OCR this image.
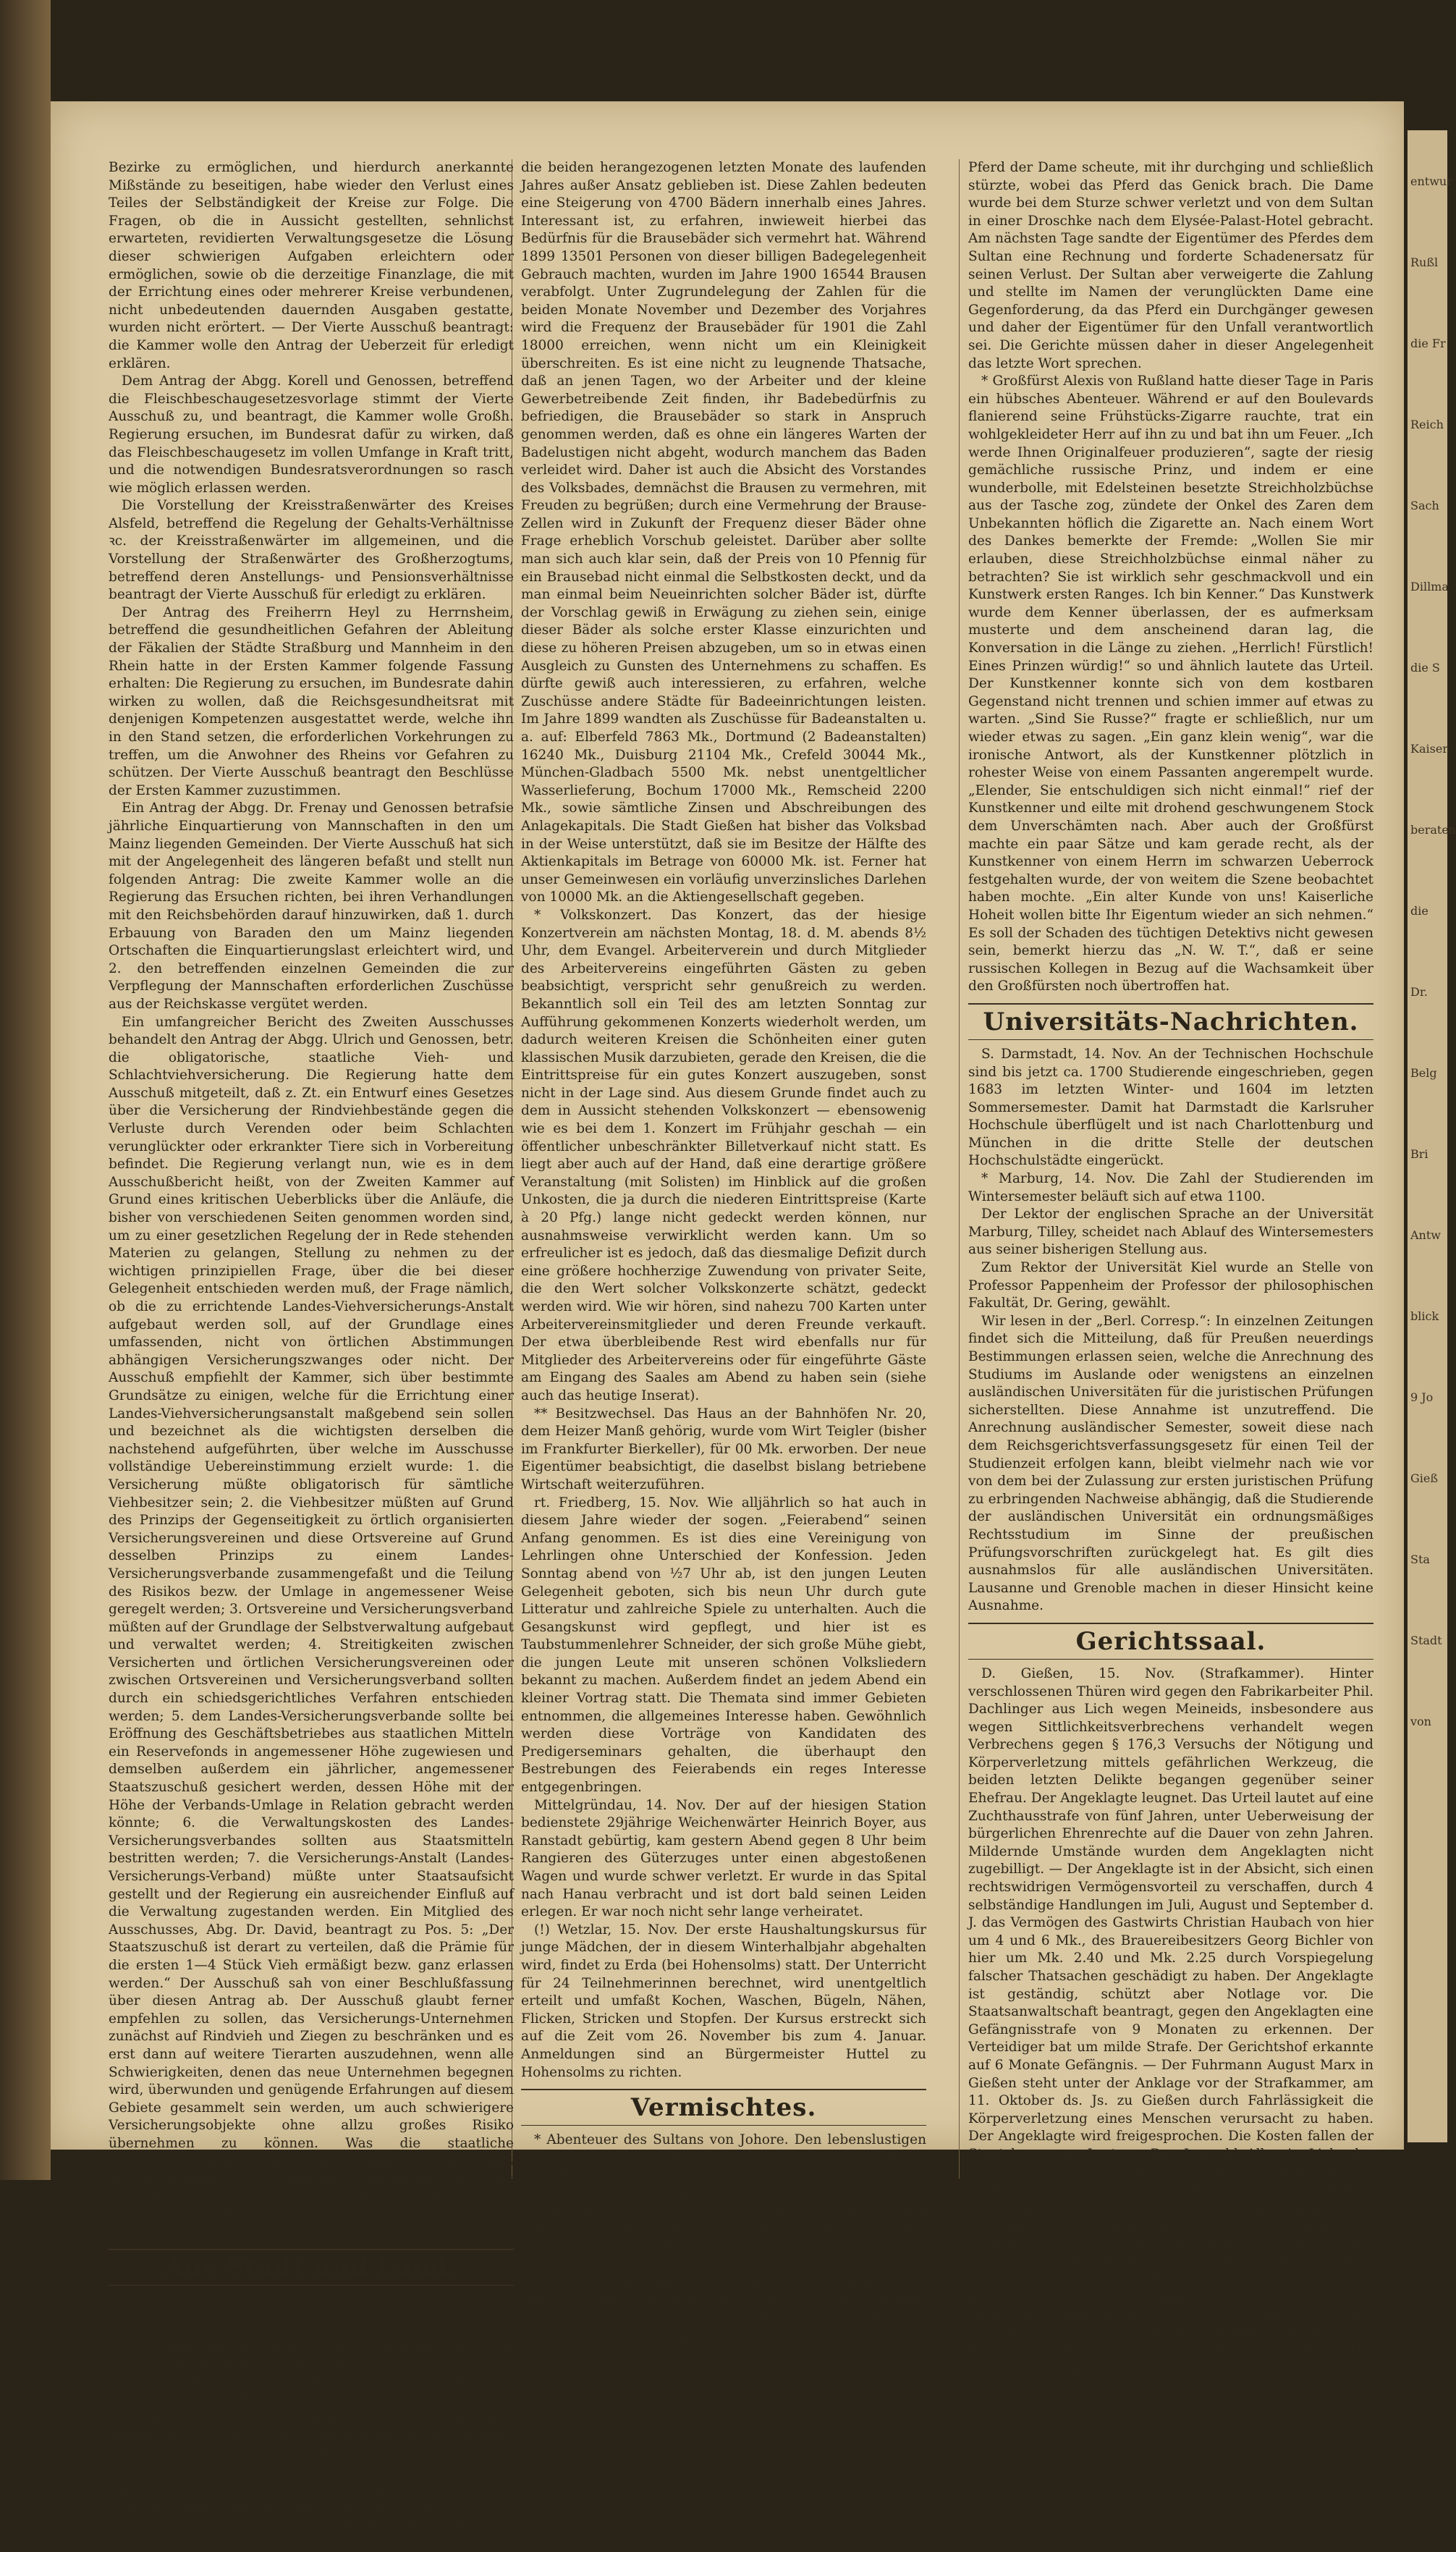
entwur
Rußl
die Fr
Reich
Sach
Dillma
die S
Kaiser
beraten
die
Dr.
Belg
Bri
Antw
blick
9 Jo
Gieß
Sta
Stadt
von

Bezirke zu ermöglichen, und hierdurch anerkannte Mißstände zu beseitigen, habe wieder den Verlust eines Teiles der Selbständigkeit der Kreise zur Folge. Die Fragen, ob die in Aussicht gestellten, sehnlichst erwarteten, revidierten Verwaltungsgesetze die Lösung dieser schwierigen Aufgaben erleichtern oder ermöglichen, sowie ob die derzeitige Finanzlage, die mit der Errichtung eines oder mehrerer Kreise verbundenen, nicht unbedeutenden dauernden Ausgaben gestatte, wurden nicht erörtert. — Der Vierte Ausschuß beantragt: die Kammer wolle den Antrag der Ueberzeit für erledigt erklären.

Dem Antrag der Abgg. Korell und Genossen, betreffend die Fleischbeschaugesetzesvorlage stimmt der Vierte Ausschuß zu, und beantragt, die Kammer wolle Großh. Regierung ersuchen, im Bundesrat dafür zu wirken, daß das Fleischbeschaugesetz im vollen Umfange in Kraft tritt, und die notwendigen Bundesratsverordnungen so rasch wie möglich erlassen werden.

Die Vorstellung der Kreisstraßenwärter des Kreises Alsfeld, betreffend die Regelung der Gehalts-Verhältnisse ꝛc. der Kreisstraßenwärter im allgemeinen, und die Vorstellung der Straßenwärter des Großherzogtums, betreffend deren Anstellungs- und Pensionsverhältnisse beantragt der Vierte Ausschuß für erledigt zu erklären.

Der Antrag des Freiherrn Heyl zu Herrnsheim, betreffend die gesundheitlichen Gefahren der Ableitung der Fäkalien der Städte Straßburg und Mannheim in den Rhein hatte in der Ersten Kammer folgende Fassung erhalten: Die Regierung zu ersuchen, im Bundesrate dahin wirken zu wollen, daß die Reichsgesundheitsrat mit denjenigen Kompetenzen ausgestattet werde, welche ihn in den Stand setzen, die erforderlichen Vorkehrungen zu treffen, um die Anwohner des Rheins vor Gefahren zu schützen. Der Vierte Ausschuß beantragt den Beschlüsse der Ersten Kammer zuzustimmen.

Ein Antrag der Abgg. Dr. Frenay und Genossen betrafsie jährliche Einquartierung von Mannschaften in den um Mainz liegenden Gemeinden. Der Vierte Ausschuß hat sich mit der Angelegenheit des längeren befaßt und stellt nun folgenden Antrag: Die zweite Kammer wolle an die Regierung das Ersuchen richten, bei ihren Verhandlungen mit den Reichsbehörden darauf hinzuwirken, daß 1. durch Erbauung von Baraden den um Mainz liegenden Ortschaften die Einquartierungslast erleichtert wird, und 2. den betreffenden einzelnen Gemeinden die zur Verpflegung der Mannschaften erforderlichen Zuschüsse aus der Reichskasse vergütet werden.

Ein umfangreicher Bericht des Zweiten Ausschusses behandelt den Antrag der Abgg. Ulrich und Genossen, betr. die obligatorische, staatliche Vieh- und Schlachtviehversicherung. Die Regierung hatte dem Ausschuß mitgeteilt, daß z. Zt. ein Entwurf eines Gesetzes über die Versicherung der Rindviehbestände gegen die Verluste durch Verenden oder beim Schlachten verunglückter oder erkrankter Tiere sich in Vorbereitung befindet. Die Regierung verlangt nun, wie es in dem Ausschußbericht heißt, von der Zweiten Kammer auf Grund eines kritischen Ueberblicks über die Anläufe, die bisher von verschiedenen Seiten genommen worden sind, um zu einer gesetzlichen Regelung der in Rede stehenden Materien zu gelangen, Stellung zu nehmen zu der wichtigen prinzipiellen Frage, über die bei dieser Gelegenheit entschieden werden muß, der Frage nämlich, ob die zu errichtende Landes-Viehversicherungs-Anstalt aufgebaut werden soll, auf der Grundlage eines umfassenden, nicht von örtlichen Abstimmungen abhängigen Versicherungszwanges oder nicht. Der Ausschuß empfiehlt der Kammer, sich über bestimmte Grundsätze zu einigen, welche für die Errichtung einer Landes-Viehversicherungsanstalt maßgebend sein sollen und bezeichnet als die wichtigsten derselben die nachstehend aufgeführten, über welche im Ausschusse vollständige Uebereinstimmung erzielt wurde: 1. die Versicherung müßte obligatorisch für sämtliche Viehbesitzer sein; 2. die Viehbesitzer müßten auf Grund des Prinzips der Gegenseitigkeit zu örtlich organisierten Versicherungsvereinen und diese Ortsvereine auf Grund desselben Prinzips zu einem Landes-Versicherungsverbande zusammengefaßt und die Teilung des Risikos bezw. der Umlage in angemessener Weise geregelt werden; 3. Ortsvereine und Versicherungsverband müßten auf der Grundlage der Selbstverwaltung aufgebaut und verwaltet werden; 4. Streitigkeiten zwischen Versicherten und örtlichen Versicherungsvereinen oder zwischen Ortsvereinen und Versicherungsverband sollten durch ein schiedsgerichtliches Verfahren entschieden werden; 5. dem Landes-Versicherungsverbande sollte bei Eröffnung des Geschäftsbetriebes aus staatlichen Mitteln ein Reservefonds in angemessener Höhe zugewiesen und demselben außerdem ein jährlicher, angemessener Staatszuschuß gesichert werden, dessen Höhe mit der Höhe der Verbands-Umlage in Relation gebracht werden könnte; 6. die Verwaltungskosten des Landes-Versicherungsverbandes sollten aus Staatsmitteln bestritten werden; 7. die Versicherungs-Anstalt (Landes-Versicherungs-Verband) müßte unter Staatsaufsicht gestellt und der Regierung ein ausreichender Einfluß auf die Verwaltung zugestanden werden. Ein Mitglied des Ausschusses, Abg. Dr. David, beantragt zu Pos. 5: „Der Staatszuschuß ist derart zu verteilen, daß die Prämie für die ersten 1—4 Stück Vieh ermäßigt bezw. ganz erlassen werden.“ Der Ausschuß sah von einer Beschlußfassung über diesen Antrag ab. Der Ausschuß glaubt ferner empfehlen zu sollen, das Versicherungs-Unternehmen zunächst auf Rindvieh und Ziegen zu beschränken und es erst dann auf weitere Tierarten auszudehnen, wenn alle Schwierigkeiten, denen das neue Unternehmen begegnen wird, überwunden und genügende Erfahrungen auf diesem Gebiete gesammelt sein werden, um auch schwierigere Versicherungsobjekte ohne allzu großes Risiko übernehmen zu können. Was die staatliche Schlachtviehversicherung betrifft, so hält es der Ausschuß für notwendig, diese Aufgabe gleichzeitig mit der Versicherung gegen Verluste zu lösen, welche durch Umstehen oder Notschlachtung von Rindvieh und Ziegen entstehen.

Aus Stadt und Land.

Nachrichten von allgemeinem Interesse sind uns stets willkommen und werden angemessen honoriert.

Gießen, 16. November 1901.

* Volksbad. Die Frequenz unseres Volksbades wird sich nach den bisher festgestellten Ergebnissen auch in diesem Jahre erheblich günstiger als im Vorjahre gestalten. — Während 1899 83914 Bäder abgegeben wurden, badeten im Jahre 1900 92141 Personen in der Anstalt. Bis zum Anfang dieses Monats wurden im Volksbad in diesem Jahre 83084 Bäder verabreicht. Rechnet man hierzu die Frequenz der Anstalt im Vorjahre für November mit 7420 Bädern und für Dezember mit 6325 Bädern, so würde sich schon zusammen für das Jahr 1901 96829 Bäder ergeben, wobei eine sicher zu erwartende Steigerung des Badebedürfnisses für

die beiden herangezogenen letzten Monate des laufenden Jahres außer Ansatz geblieben ist. Diese Zahlen bedeuten eine Steigerung von 4700 Bädern innerhalb eines Jahres. Interessant ist, zu erfahren, inwieweit hierbei das Bedürfnis für die Brausebäder sich vermehrt hat. Während 1899 13501 Personen von dieser billigen Badegelegenheit Gebrauch machten, wurden im Jahre 1900 16544 Brausen verabfolgt. Unter Zugrundelegung der Zahlen für die beiden Monate November und Dezember des Vorjahres wird die Frequenz der Brausebäder für 1901 die Zahl 18000 erreichen, wenn nicht um ein Kleinigkeit überschreiten. Es ist eine nicht zu leugnende Thatsache, daß an jenen Tagen, wo der Arbeiter und der kleine Gewerbetreibende Zeit finden, ihr Badebedürfnis zu befriedigen, die Brausebäder so stark in Anspruch genommen werden, daß es ohne ein längeres Warten der Badelustigen nicht abgeht, wodurch manchem das Baden verleidet wird. Daher ist auch die Absicht des Vorstandes des Volksbades, demnächst die Brausen zu vermehren, mit Freuden zu begrüßen; durch eine Vermehrung der Brause-Zellen wird in Zukunft der Frequenz dieser Bäder ohne Frage erheblich Vorschub geleistet. Darüber aber sollte man sich auch klar sein, daß der Preis von 10 Pfennig für ein Brausebad nicht einmal die Selbstkosten deckt, und da man einmal beim Neueinrichten solcher Bäder ist, dürfte der Vorschlag gewiß in Erwägung zu ziehen sein, einige dieser Bäder als solche erster Klasse einzurichten und diese zu höheren Preisen abzugeben, um so in etwas einen Ausgleich zu Gunsten des Unternehmens zu schaffen. Es dürfte gewiß auch interessieren, zu erfahren, welche Zuschüsse andere Städte für Badeeinrichtungen leisten. Im Jahre 1899 wandten als Zuschüsse für Badeanstalten u. a. auf: Elberfeld 7863 Mk., Dortmund (2 Badeanstalten) 16240 Mk., Duisburg 21104 Mk., Crefeld 30044 Mk., München-Gladbach 5500 Mk. nebst unentgeltlicher Wasserlieferung, Bochum 17000 Mk., Remscheid 2200 Mk., sowie sämtliche Zinsen und Abschreibungen des Anlagekapitals. Die Stadt Gießen hat bisher das Volksbad in der Weise unterstützt, daß sie im Besitze der Hälfte des Aktienkapitals im Betrage von 60000 Mk. ist. Ferner hat unser Gemeinwesen ein vorläufig unverzinsliches Darlehen von 10000 Mk. an die Aktiengesellschaft gegeben.

* Volkskonzert. Das Konzert, das der hiesige Konzertverein am nächsten Montag, 18. d. M. abends 8½ Uhr, dem Evangel. Arbeiterverein und durch Mitglieder des Arbeitervereins eingeführten Gästen zu geben beabsichtigt, verspricht sehr genußreich zu werden. Bekanntlich soll ein Teil des am letzten Sonntag zur Aufführung gekommenen Konzerts wiederholt werden, um dadurch weiteren Kreisen die Schönheiten einer guten klassischen Musik darzubieten, gerade den Kreisen, die die Eintrittspreise für ein gutes Konzert auszugeben, sonst nicht in der Lage sind. Aus diesem Grunde findet auch zu dem in Aussicht stehenden Volkskonzert — ebensowenig wie es bei dem 1. Konzert im Frühjahr geschah — ein öffentlicher unbeschränkter Billetverkauf nicht statt. Es liegt aber auch auf der Hand, daß eine derartige größere Veranstaltung (mit Solisten) im Hinblick auf die großen Unkosten, die ja durch die niederen Eintrittspreise (Karte à 20 Pfg.) lange nicht gedeckt werden können, nur ausnahmsweise verwirklicht werden kann. Um so erfreulicher ist es jedoch, daß das diesmalige Defizit durch eine größere hochherzige Zuwendung von privater Seite, die den Wert solcher Volkskonzerte schätzt, gedeckt werden wird. Wie wir hören, sind nahezu 700 Karten unter Arbeitervereinsmitglieder und deren Freunde verkauft. Der etwa überbleibende Rest wird ebenfalls nur für Mitglieder des Arbeitervereins oder für eingeführte Gäste am Eingang des Saales am Abend zu haben sein (siehe auch das heutige Inserat).

** Besitzwechsel. Das Haus an der Bahnhöfen Nr. 20, dem Heizer Manß gehörig, wurde vom Wirt Teigler (bisher im Frankfurter Bierkeller), für 00 Mk. erworben. Der neue Eigentümer beabsichtigt, die daselbst bislang betriebene Wirtschaft weiterzuführen.

rt. Friedberg, 15. Nov. Wie alljährlich so hat auch in diesem Jahre wieder der sogen. „Feierabend“ seinen Anfang genommen. Es ist dies eine Vereinigung von Lehrlingen ohne Unterschied der Konfession. Jeden Sonntag abend von ½7 Uhr ab, ist den jungen Leuten Gelegenheit geboten, sich bis neun Uhr durch gute Litteratur und zahlreiche Spiele zu unterhalten. Auch die Gesangskunst wird gepflegt, und hier ist es Taubstummenlehrer Schneider, der sich große Mühe giebt, die jungen Leute mit unseren schönen Volksliedern bekannt zu machen. Außerdem findet an jedem Abend ein kleiner Vortrag statt. Die Themata sind immer Gebieten entnommen, die allgemeines Interesse haben. Gewöhnlich werden diese Vorträge von Kandidaten des Predigerseminars gehalten, die überhaupt den Bestrebungen des Feierabends ein reges Interesse entgegenbringen.

Mittelgründau, 14. Nov. Der auf der hiesigen Station bedienstete 29jährige Weichenwärter Heinrich Boyer, aus Ranstadt gebürtig, kam gestern Abend gegen 8 Uhr beim Rangieren des Güterzuges unter einen abgestoßenen Wagen und wurde schwer verletzt. Er wurde in das Spital nach Hanau verbracht und ist dort bald seinen Leiden erlegen. Er war noch nicht sehr lange verheiratet.

(!) Wetzlar, 15. Nov. Der erste Haushaltungskursus für junge Mädchen, der in diesem Winterhalbjahr abgehalten wird, findet zu Erda (bei Hohensolms) statt. Der Unterricht für 24 Teilnehmerinnen berechnet, wird unentgeltlich erteilt und umfaßt Kochen, Waschen, Bügeln, Nähen, Flicken, Stricken und Stopfen. Der Kursus erstreckt sich auf die Zeit vom 26. November bis zum 4. Januar. Anmeldungen sind an Bürgermeister Huttel zu Hohensolms zu richten.

Vermischtes.

* Abenteuer des Sultans von Johore. Den lebenslustigen Sultan von Johore, der noch vor kurzem in Frankfurt geweilt (von dort soll er wegen eines höchst unerquicklichen Auftrittes während eines Wohltätigkeitsfestes, das im Zoologischen Garten stattfand, verschwunden sein. D. Red. d. Gieß. Anz.*) hat seine Vorliebe für schöne Frauen in Paris, wo er zur Zeit verweilt, in ein Abenteuer verwickelt. Mit einer jungen Dame seiner Bekanntschaft wollte er eine Spazierfahrt machen und hatte dazu die Pferde einem Leihstalle entnommen. Kaum waren sie in die Avenue du Bois de Boulogne eingebogen, als das

Pferd der Dame scheute, mit ihr durchging und schließlich stürzte, wobei das Pferd das Genick brach. Die Dame wurde bei dem Sturze schwer verletzt und von dem Sultan in einer Droschke nach dem Elysée-Palast-Hotel gebracht. Am nächsten Tage sandte der Eigentümer des Pferdes dem Sultan eine Rechnung und forderte Schadenersatz für seinen Verlust. Der Sultan aber verweigerte die Zahlung und stellte im Namen der verunglückten Dame eine Gegenforderung, da das Pferd ein Durchgänger gewesen und daher der Eigentümer für den Unfall verantwortlich sei. Die Gerichte müssen daher in dieser Angelegenheit das letzte Wort sprechen.

* Großfürst Alexis von Rußland hatte dieser Tage in Paris ein hübsches Abenteuer. Während er auf den Boulevards flanierend seine Frühstücks-Zigarre rauchte, trat ein wohlgekleideter Herr auf ihn zu und bat ihn um Feuer. „Ich werde Ihnen Originalfeuer produzieren“, sagte der riesig gemächliche russische Prinz, und indem er eine wunderbolle, mit Edelsteinen besetzte Streichholzbüchse aus der Tasche zog, zündete der Onkel des Zaren dem Unbekannten höflich die Zigarette an. Nach einem Wort des Dankes bemerkte der Fremde: „Wollen Sie mir erlauben, diese Streichholzbüchse einmal näher zu betrachten? Sie ist wirklich sehr geschmackvoll und ein Kunstwerk ersten Ranges. Ich bin Kenner.“ Das Kunstwerk wurde dem Kenner überlassen, der es aufmerksam musterte und dem anscheinend daran lag, die Konversation in die Länge zu ziehen. „Herrlich! Fürstlich! Eines Prinzen würdig!“ so und ähnlich lautete das Urteil. Der Kunstkenner konnte sich von dem kostbaren Gegenstand nicht trennen und schien immer auf etwas zu warten. „Sind Sie Russe?“ fragte er schließlich, nur um wieder etwas zu sagen. „Ein ganz klein wenig“, war die ironische Antwort, als der Kunstkenner plötzlich in rohester Weise von einem Passanten angerempelt wurde. „Elender, Sie entschuldigen sich nicht einmal!“ rief der Kunstkenner und eilte mit drohend geschwungenem Stock dem Unverschämten nach. Aber auch der Großfürst machte ein paar Sätze und kam gerade recht, als der Kunstkenner von einem Herrn im schwarzen Ueberrock festgehalten wurde, der von weitem die Szene beobachtet haben mochte. „Ein alter Kunde von uns! Kaiserliche Hoheit wollen bitte Ihr Eigentum wieder an sich nehmen.“ Es soll der Schaden des tüchtigen Detektivs nicht gewesen sein, bemerkt hierzu das „N. W. T.“, daß er seine russischen Kollegen in Bezug auf die Wachsamkeit über den Großfürsten noch übertroffen hat.

Universitäts-Nachrichten.

S. Darmstadt, 14. Nov. An der Technischen Hochschule sind bis jetzt ca. 1700 Studierende eingeschrieben, gegen 1683 im letzten Winter- und 1604 im letzten Sommersemester. Damit hat Darmstadt die Karlsruher Hochschule überflügelt und ist nach Charlottenburg und München in die dritte Stelle der deutschen Hochschulstädte eingerückt.

* Marburg, 14. Nov. Die Zahl der Studierenden im Wintersemester beläuft sich auf etwa 1100.

Der Lektor der englischen Sprache an der Universität Marburg, Tilley, scheidet nach Ablauf des Wintersemesters aus seiner bisherigen Stellung aus.

Zum Rektor der Universität Kiel wurde an Stelle von Professor Pappenheim der Professor der philosophischen Fakultät, Dr. Gering, gewählt.

Wir lesen in der „Berl. Corresp.“: In einzelnen Zeitungen findet sich die Mitteilung, daß für Preußen neuerdings Bestimmungen erlassen seien, welche die Anrechnung des Studiums im Auslande oder wenigstens an einzelnen ausländischen Universitäten für die juristischen Prüfungen sicherstellten. Diese Annahme ist unzutreffend. Die Anrechnung ausländischer Semester, soweit diese nach dem Reichsgerichtsverfassungsgesetz für einen Teil der Studienzeit erfolgen kann, bleibt vielmehr nach wie vor von dem bei der Zulassung zur ersten juristischen Prüfung zu erbringenden Nachweise abhängig, daß die Studierende der ausländischen Universität ein ordnungsmäßiges Rechtsstudium im Sinne der preußischen Prüfungsvorschriften zurückgelegt hat. Es gilt dies ausnahmslos für alle ausländischen Universitäten. Lausanne und Grenoble machen in dieser Hinsicht keine Ausnahme.

Gerichtssaal.

D. Gießen, 15. Nov. (Strafkammer). Hinter verschlossenen Thüren wird gegen den Fabrikarbeiter Phil. Dachlinger aus Lich wegen Meineids, insbesondere aus wegen Sittlichkeitsverbrechens verhandelt wegen Verbrechens gegen § 176,3 Versuchs der Nötigung und Körperverletzung mittels gefährlichen Werkzeug, die beiden letzten Delikte begangen gegenüber seiner Ehefrau. Der Angeklagte leugnet. Das Urteil lautet auf eine Zuchthausstrafe von fünf Jahren, unter Ueberweisung der bürgerlichen Ehrenrechte auf die Dauer von zehn Jahren. Mildernde Umstände wurden dem Angeklagten nicht zugebilligt. — Der Angeklagte ist in der Absicht, sich einen rechtswidrigen Vermögensvorteil zu verschaffen, durch 4 selbständige Handlungen im Juli, August und September d. J. das Vermögen des Gastwirts Christian Haubach von hier um 4 und 6 Mk., des Brauereibesitzers Georg Bichler von hier um Mk. 2.40 und Mk. 2.25 durch Vorspiegelung falscher Thatsachen geschädigt zu haben. Der Angeklagte ist geständig, schützt aber Notlage vor. Die Staatsanwaltschaft beantragt, gegen den Angeklagten eine Gefängnisstrafe von 9 Monaten zu erkennen. Der Verteidiger bat um milde Strafe. Der Gerichtshof erkannte auf 6 Monate Gefängnis. — Der Fuhrmann August Marx in Gießen steht unter der Anklage vor der Strafkammer, am 11. Oktober ds. Js. zu Gießen durch Fahrlässigkeit die Körperverletzung eines Menschen verursacht zu haben. Der Angeklagte wird freigesprochen. Die Kosten fallen der Staatskasse zur Last. — Der Leopold Alles in Lich, der schon verschiedene Male nach dem fernen Amerika gefahren ist und Deutschland aus eigenen Mitteln verlassen hat, ist wiederum wegen Betrugs angeklagt. Er hat, um einen Großherzog, sowie die Befolgung des Amtsgerichts Lich und des dortigen Bürgermeisters Seller belästigt. Der Angeklagte leugnet jede Schuld. Er erklärt das ist unwahr, verschiedene Menschen, die ihm sein Ansehen im Auslande verschaffen hat, in Deutschland nicht zu finden vermag. Heute vor Gericht bedient er sich der hervorragenden Segnungen Amerikas und es mit Brief vom Kriege. Die Beweisaufnahme ergab seine Schuld. Die Staatsanwaltschaft
